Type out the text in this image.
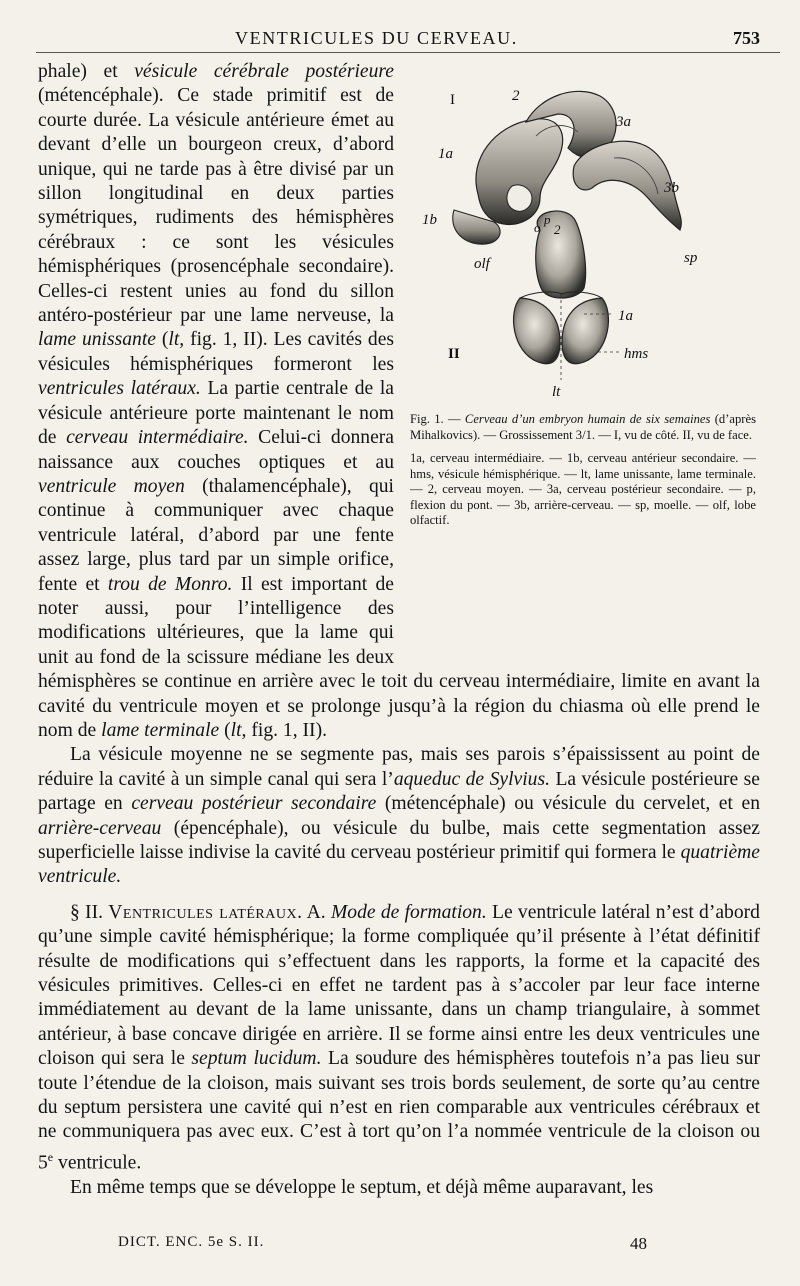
VENTRICULES DU CERVEAU.	753
I
II
2
3a
1a
3b
1b	p
o 2
olf	sp
1a
hms
lt

Fig. 1. — Cerveau d’un embryon humain de six semaines (d’après Mihalkovics). — Grossissement 3/1. — I, vu de côté. II, vu de face.

1a, cerveau intermédiaire. — 1b, cerveau antérieur secondaire. — hms, vésicule hémisphérique. — lt, lame unissante, lame terminale. — 2, cerveau moyen. — 3a, cerveau postérieur secondaire. — p, flexion du pont. — 3b, arrière-cerveau. — sp, moelle. — olf, lobe olfactif.

phale) et vésicule cérébrale postérieure (métencéphale). Ce stade primitif est de courte durée. La vésicule antérieure émet au devant d’elle un bourgeon creux, d’abord unique, qui ne tarde pas à être divisé par un sillon longitudinal en deux parties symétriques, rudiments des hémisphères cérébraux : ce sont les vésicules hémisphériques (prosencéphale secondaire). Celles-ci restent unies au fond du sillon antéro-postérieur par une lame nerveuse, la lame unissante (lt, fig. 1, II). Les cavités des vésicules hémisphériques formeront les ventricules latéraux. La partie centrale de la vésicule antérieure porte maintenant le nom de cerveau intermédiaire. Celui-ci donnera naissance aux couches optiques et au ventricule moyen (thalamencéphale), qui continue à communiquer avec chaque ventricule latéral, d’abord par une fente assez large, plus tard par un simple orifice, fente et trou de Monro. Il est important de noter aussi, pour l’intelligence des modifications ultérieures, que la lame qui unit au fond de la scissure médiane les deux hémisphères se continue en arrière avec le toit du cerveau intermédiaire, limite en avant la cavité du ventricule moyen et se prolonge jusqu’à la région du chiasma où elle prend le nom de lame terminale (lt, fig. 1, II).

La vésicule moyenne ne se segmente pas, mais ses parois s’épaississent au point de réduire la cavité à un simple canal qui sera l’aqueduc de Sylvius. La vésicule postérieure se partage en cerveau postérieur secondaire (métencéphale) ou vésicule du cervelet, et en arrière-cerveau (épencéphale), ou vésicule du bulbe, mais cette segmentation assez superficielle laisse indivise la cavité du cerveau postérieur primitif qui formera le quatrième ventricule.

§ II. Ventricules latéraux. A. Mode de formation. Le ventricule latéral n’est d’abord qu’une simple cavité hémisphérique; la forme compliquée qu’il présente à l’état définitif résulte de modifications qui s’effectuent dans les rapports, la forme et la capacité des vésicules primitives. Celles-ci en effet ne tardent pas à s’accoler par leur face interne immédiatement au devant de la lame unissante, dans un champ triangulaire, à sommet antérieur, à base concave dirigée en arrière. Il se forme ainsi entre les deux ventricules une cloison qui sera le septum lucidum. La soudure des hémisphères toutefois n’a pas lieu sur toute l’étendue de la cloison, mais suivant ses trois bords seulement, de sorte qu’au centre du septum persistera une cavité qui n’est en rien comparable aux ventricules cérébraux et ne communiquera pas avec eux. C’est à tort qu’on l’a nommée ventricule de la cloison ou 5e ventricule.

En même temps que se développe le septum, et déjà même auparavant, les

DICT. ENC. 5e S. II.	48
